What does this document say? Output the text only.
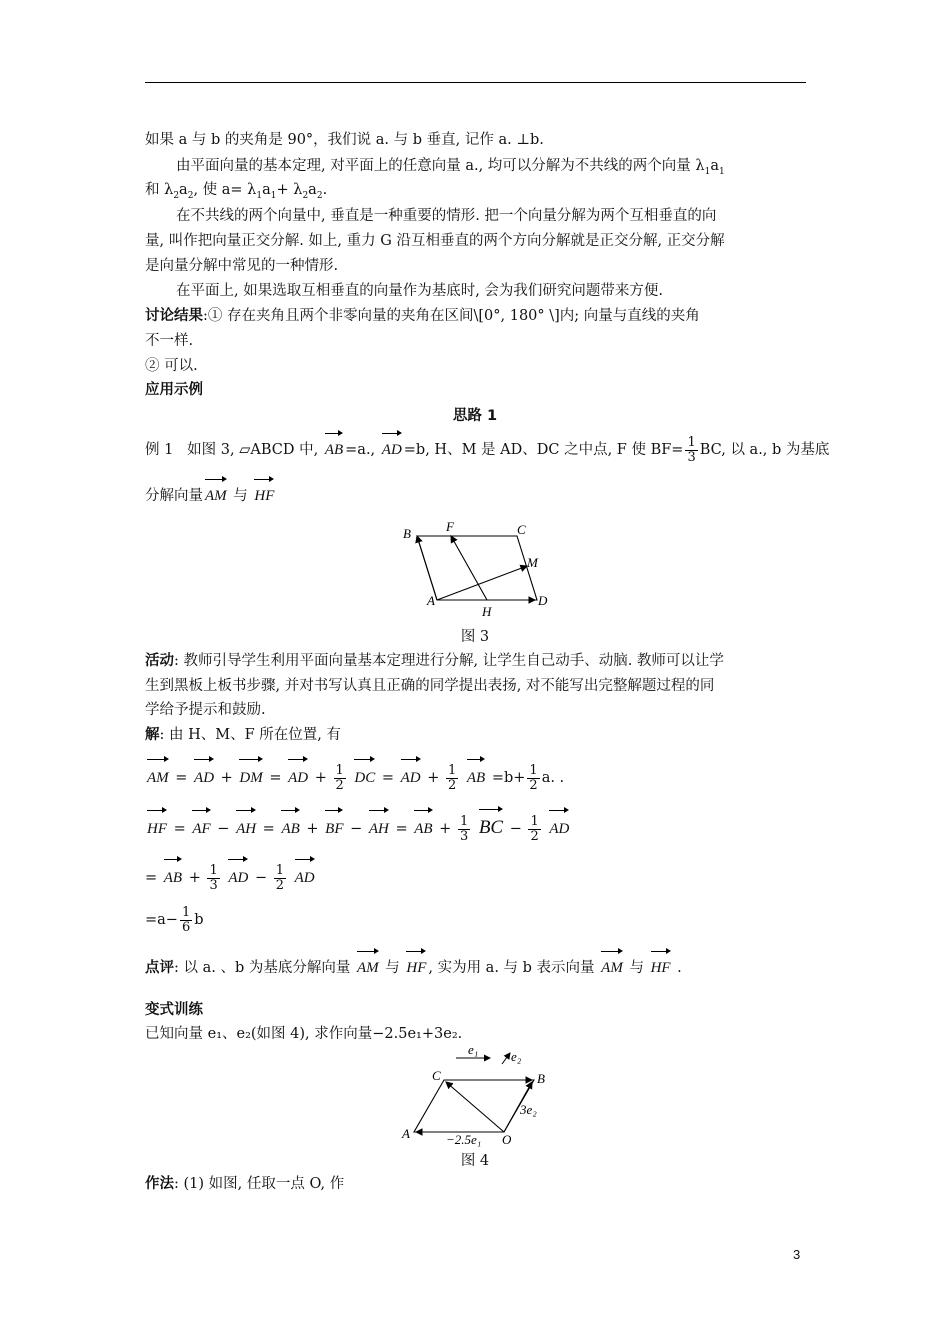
如果 a 与 b 的夹角是 90°，我们说 a. 与 b 垂直, 记作 a. ⊥b.
由平面向量的基本定理, 对平面上的任意向量 a., 均可以分解为不共线的两个向量 $\lambda_1a_1$
和 $\lambda_2a_2$, 使 $a= \lambda_1a_1+ \lambda_2a_2$.
在不共线的两个向量中, 垂直是一种重要的情形. 把一个向量分解为两个互相垂直的向
量, 叫作把向量正交分解. 如上, 重力 G 沿互相垂直的两个方向分解就是正交分解, 正交分解
是向量分解中常见的一种情形.
在平面上, 如果选取互相垂直的向量作为基底时, 会为我们研究问题带来方便.
讨论结果:① 存在夹角且两个非零向量的夹角在区间\[0°, 180° \]内; 向量与直线的夹角
不一样.
② 可以.
应用示例
思路 1
例 1 如图 3, ▱ABCD 中, AB =a., AD =b, H、M 是 AD、DC 之中点, F 使 $BF= \frac{1}{3}$ BC, 以 a., b 为基底
分解向量 AM 与 HF
B	F	C
M
A
H
D
图 3
活动: 教师引导学生利用平面向量基本定理进行分解, 让学生自己动手、动脑. 教师可以让学
生到黑板上板书步骤, 并对书写认真且正确的同学提出表扬, 对不能写出完整解题过程的同
学给予提示和鼓励.
解: 由 H、M、F 所在位置, 有
AM = AD + DM = AD + $\frac{1}{2}$ DC = AD + $\frac{1}{2}$ AB $=b+ \frac{1}{2} a$. .
HF = AF − AH = AB + BF − AH = AB + $\frac{1}{3}$ BC − $\frac{1}{2}$ AD
= AB + $\frac{1}{3}$ AD − $\frac{1}{2}$ AD
$=a- \frac{1}{6}$ b
点评: 以 a. 、b 为基底分解向量 AM 与 HF , 实为用 a. 与 b 表示向量 AM 与 HF .
变式训练
已知向量 e₁、e₂(如图 4), 求作向量−2.5e₁+3e₂.
e₁	e₂
C	B
A	O
3e₂
−2.5e₁
图 4
作法: (1) 如图, 任取一点 O, 作
3
